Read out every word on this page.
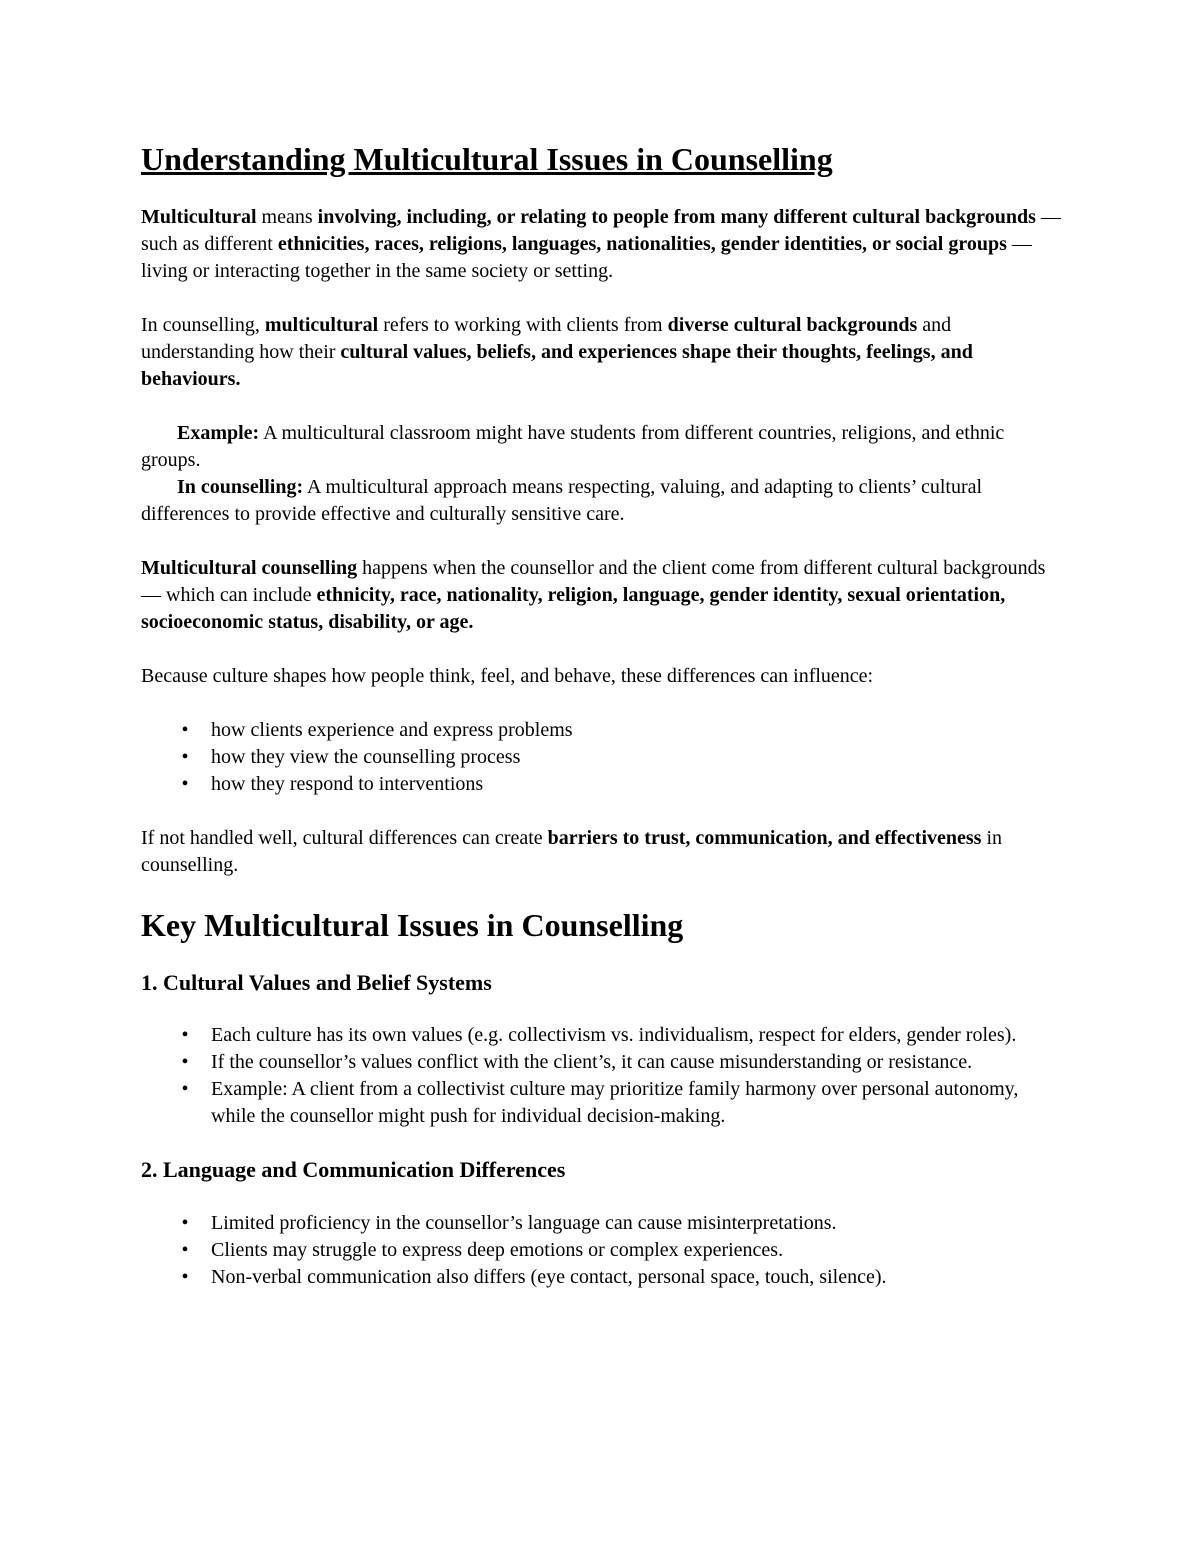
Understanding Multicultural Issues in Counselling

Multicultural means involving, including, or relating to people from many different cultural backgrounds — such as different ethnicities, races, religions, languages, nationalities, gender identities, or social groups — living or interacting together in the same society or setting.

In counselling, multicultural refers to working with clients from diverse cultural backgrounds and understanding how their cultural values, beliefs, and experiences shape their thoughts, feelings, and behaviours.

Example: A multicultural classroom might have students from different countries, religions, and ethnic groups.

In counselling: A multicultural approach means respecting, valuing, and adapting to clients’ cultural differences to provide effective and culturally sensitive care.

Multicultural counselling happens when the counsellor and the client come from different cultural backgrounds — which can include ethnicity, race, nationality, religion, language, gender identity, sexual orientation, socioeconomic status, disability, or age.

Because culture shapes how people think, feel, and behave, these differences can influence:

•	how clients experience and express problems
•	how they view the counselling process
•	how they respond to interventions

If not handled well, cultural differences can create barriers to trust, communication, and effectiveness in counselling.

Key Multicultural Issues in Counselling
1. Cultural Values and Belief Systems
•	Each culture has its own values (e.g. collectivism vs. individualism, respect for elders, gender roles).
•	If the counsellor’s values conflict with the client’s, it can cause misunderstanding or resistance.
•	Example: A client from a collectivist culture may prioritize family harmony over personal autonomy, while the counsellor might push for individual decision-making.
2. Language and Communication Differences
•	Limited proficiency in the counsellor’s language can cause misinterpretations.
•	Clients may struggle to express deep emotions or complex experiences.
•	Non-verbal communication also differs (eye contact, personal space, touch, silence).
